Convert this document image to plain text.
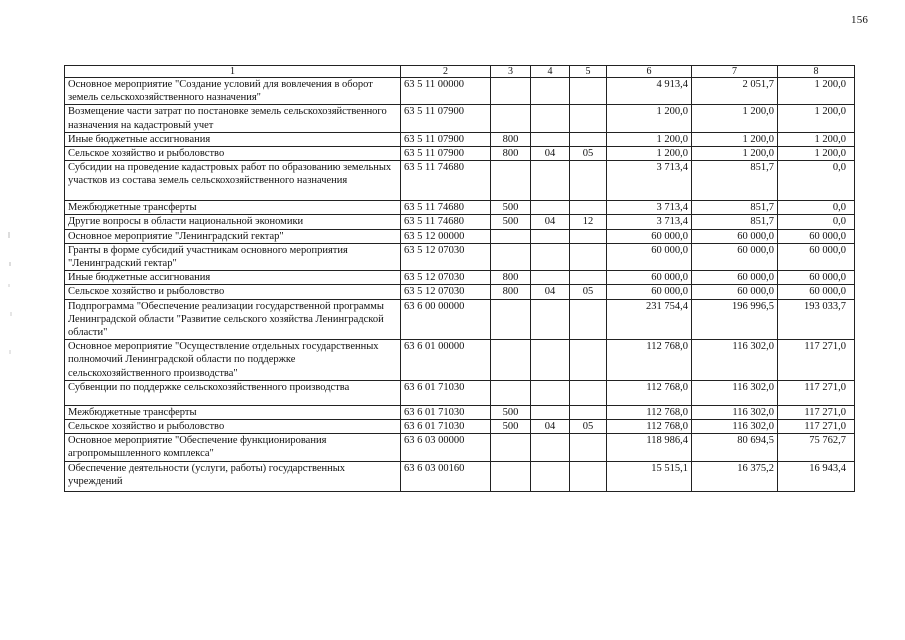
156
1	2	3	4	5	6	7	8
Основное мероприятие "Создание условий для вовлечения в оборот земель сельскохозяйственного назначения"	63 5 11 00000				4 913,4	2 051,7	1 200,0
Возмещение части затрат по постановке земель сельскохозяйственного назначения на кадастровый учет	63 5 11 07900				1 200,0	1 200,0	1 200,0
Иные бюджетные ассигнования	63 5 11 07900	800			1 200,0	1 200,0	1 200,0
Сельское хозяйство и рыболовство	63 5 11 07900	800	04	05	1 200,0	1 200,0	1 200,0
Субсидии на проведение кадастровых работ по образованию земельных участков из состава земель сельскохозяйственного назначения	63 5 11 74680				3 713,4	851,7	0,0
Межбюджетные трансферты	63 5 11 74680	500			3 713,4	851,7	0,0
Другие вопросы в области национальной экономики	63 5 11 74680	500	04	12	3 713,4	851,7	0,0
Основное мероприятие "Ленинградский гектар"	63 5 12 00000				60 000,0	60 000,0	60 000,0
Гранты в форме субсидий участникам основного мероприятия "Ленинградский гектар"	63 5 12 07030				60 000,0	60 000,0	60 000,0
Иные бюджетные ассигнования	63 5 12 07030	800			60 000,0	60 000,0	60 000,0
Сельское хозяйство и рыболовство	63 5 12 07030	800	04	05	60 000,0	60 000,0	60 000,0
Подпрограмма "Обеспечение реализации государственной программы Ленинградской области "Развитие сельского хозяйства Ленинградской области"	63 6 00 00000				231 754,4	196 996,5	193 033,7
Основное мероприятие "Осуществление отдельных государственных полномочий Ленинградской области по поддержке сельскохозяйственного производства"	63 6 01 00000				112 768,0	116 302,0	117 271,0
Субвенции по поддержке сельскохозяйственного производства	63 6 01 71030				112 768,0	116 302,0	117 271,0
Межбюджетные трансферты	63 6 01 71030	500			112 768,0	116 302,0	117 271,0
Сельское хозяйство и рыболовство	63 6 01 71030	500	04	05	112 768,0	116 302,0	117 271,0
Основное мероприятие "Обеспечение функционирования агропромышленного комплекса"	63 6 03 00000				118 986,4	80 694,5	75 762,7
Обеспечение деятельности (услуги, работы) государственных учреждений	63 6 03 00160				15 515,1	16 375,2	16 943,4
